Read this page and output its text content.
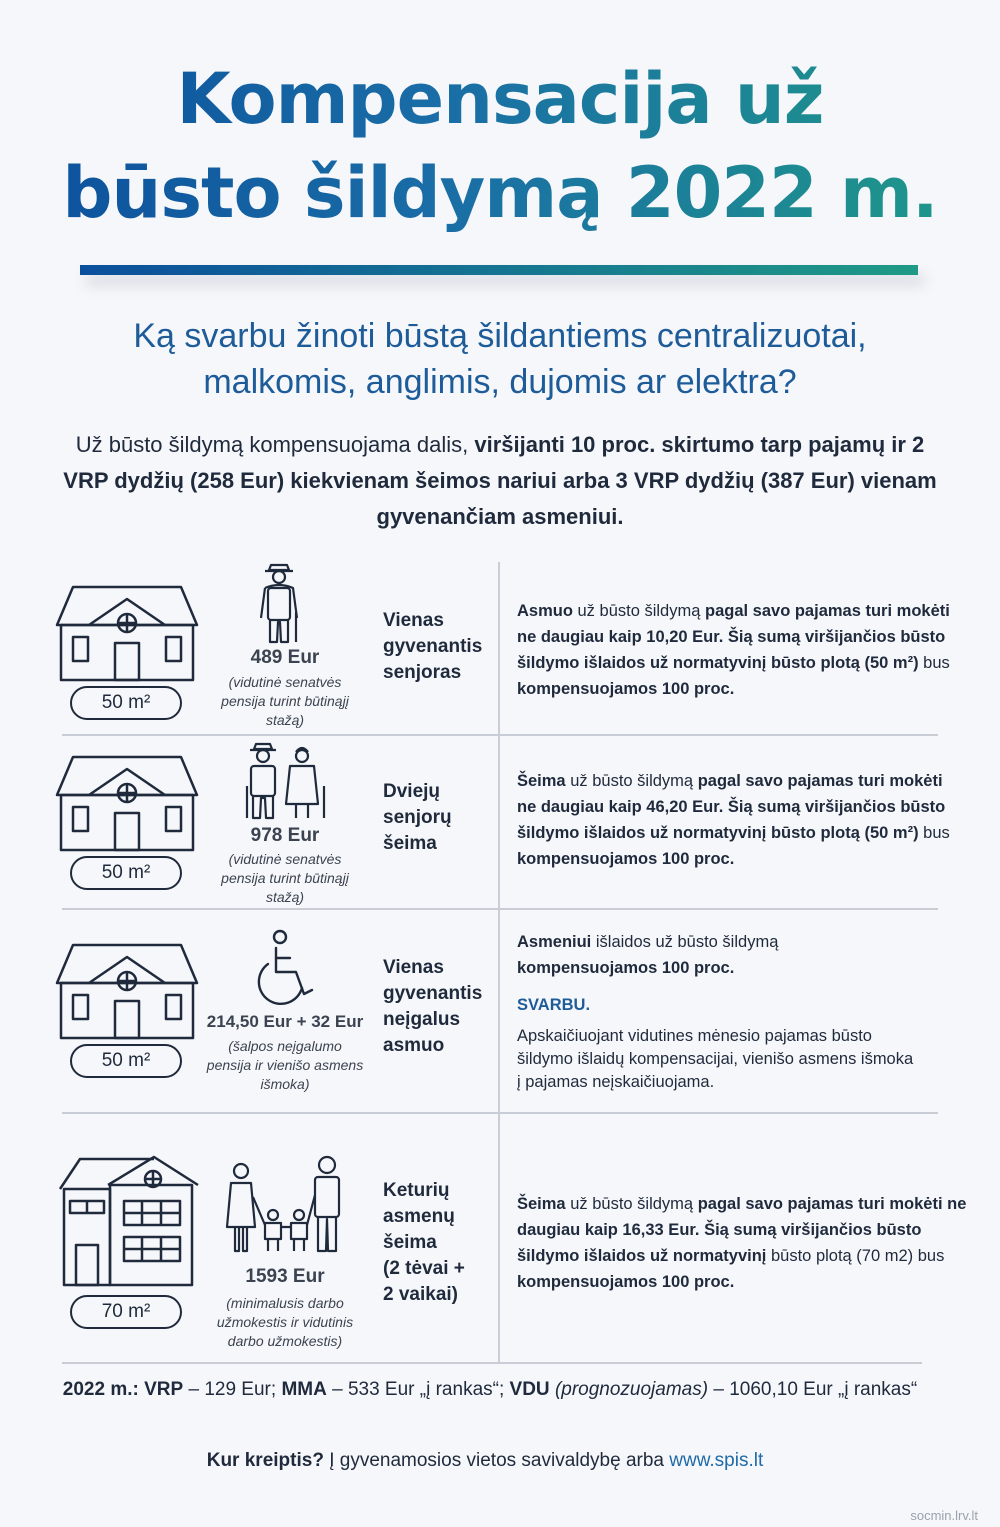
Kompensacija už
būsto šildymą 2022 m.
Ką svarbu žinoti būstą šildantiems centralizuotai,
malkomis, anglimis, dujomis ar elektra?
Už būsto šildymą kompensuojama dalis, viršijanti 10 proc. skirtumo tarp pajamų ir 2 VRP dydžių (258 Eur) kiekvienam šeimos nariui arba 3 VRP dydžių (387 Eur) vienam gyvenančiam asmeniui.
50 m²
489 Eur
(vidutinė senatvės pensija turint būtinąjį stažą)
Vienas
gyvenantis
senjoras
Asmuo už būsto šildymą pagal savo pajamas turi mokėti ne daugiau kaip 10,20 Eur. Šią sumą viršijančios būsto šildymo išlaidos už normatyvinį būsto plotą (50 m²) bus kompensuojamos 100 proc.
50 m²
978 Eur
(vidutinė senatvės pensija turint būtinąjį stažą)
Dviejų
senjorų
šeima
Šeima už būsto šildymą pagal savo pajamas turi mokėti ne daugiau kaip 46,20 Eur. Šią sumą viršijančios būsto šildymo išlaidos už normatyvinį būsto plotą (50 m²) bus kompensuojamos 100 proc.
50 m²
214,50 Eur + 32 Eur
(šalpos neįgalumo pensija ir vienišo asmens išmoka)
Vienas
gyvenantis
neįgalus
asmuo
Asmeniui išlaidos už būsto šildymą kompensuojamos 100 proc.
SVARBU.
Apskaičiuojant vidutines mėnesio pajamas būsto šildymo išlaidų kompensacijai, vienišo asmens išmoka į pajamas neįskaičiuojama.
70 m²
1593 Eur
(minimalusis darbo užmokestis ir vidutinis darbo užmokestis)
Keturių
asmenų
šeima
(2 tėvai +
2 vaikai)
Šeima už būsto šildymą pagal savo pajamas turi mokėti ne daugiau kaip 16,33 Eur. Šią sumą viršijančios būsto šildymo išlaidos už normatyvinį būsto plotą (70 m2) bus kompensuojamos 100 proc.
2022 m.: VRP – 129 Eur; MMA – 533 Eur „į rankas“; VDU (prognozuojamas) – 1060,10 Eur „į rankas“
Kur kreiptis? Į gyvenamosios vietos savivaldybę arba www.spis.lt
socmin.lrv.lt
